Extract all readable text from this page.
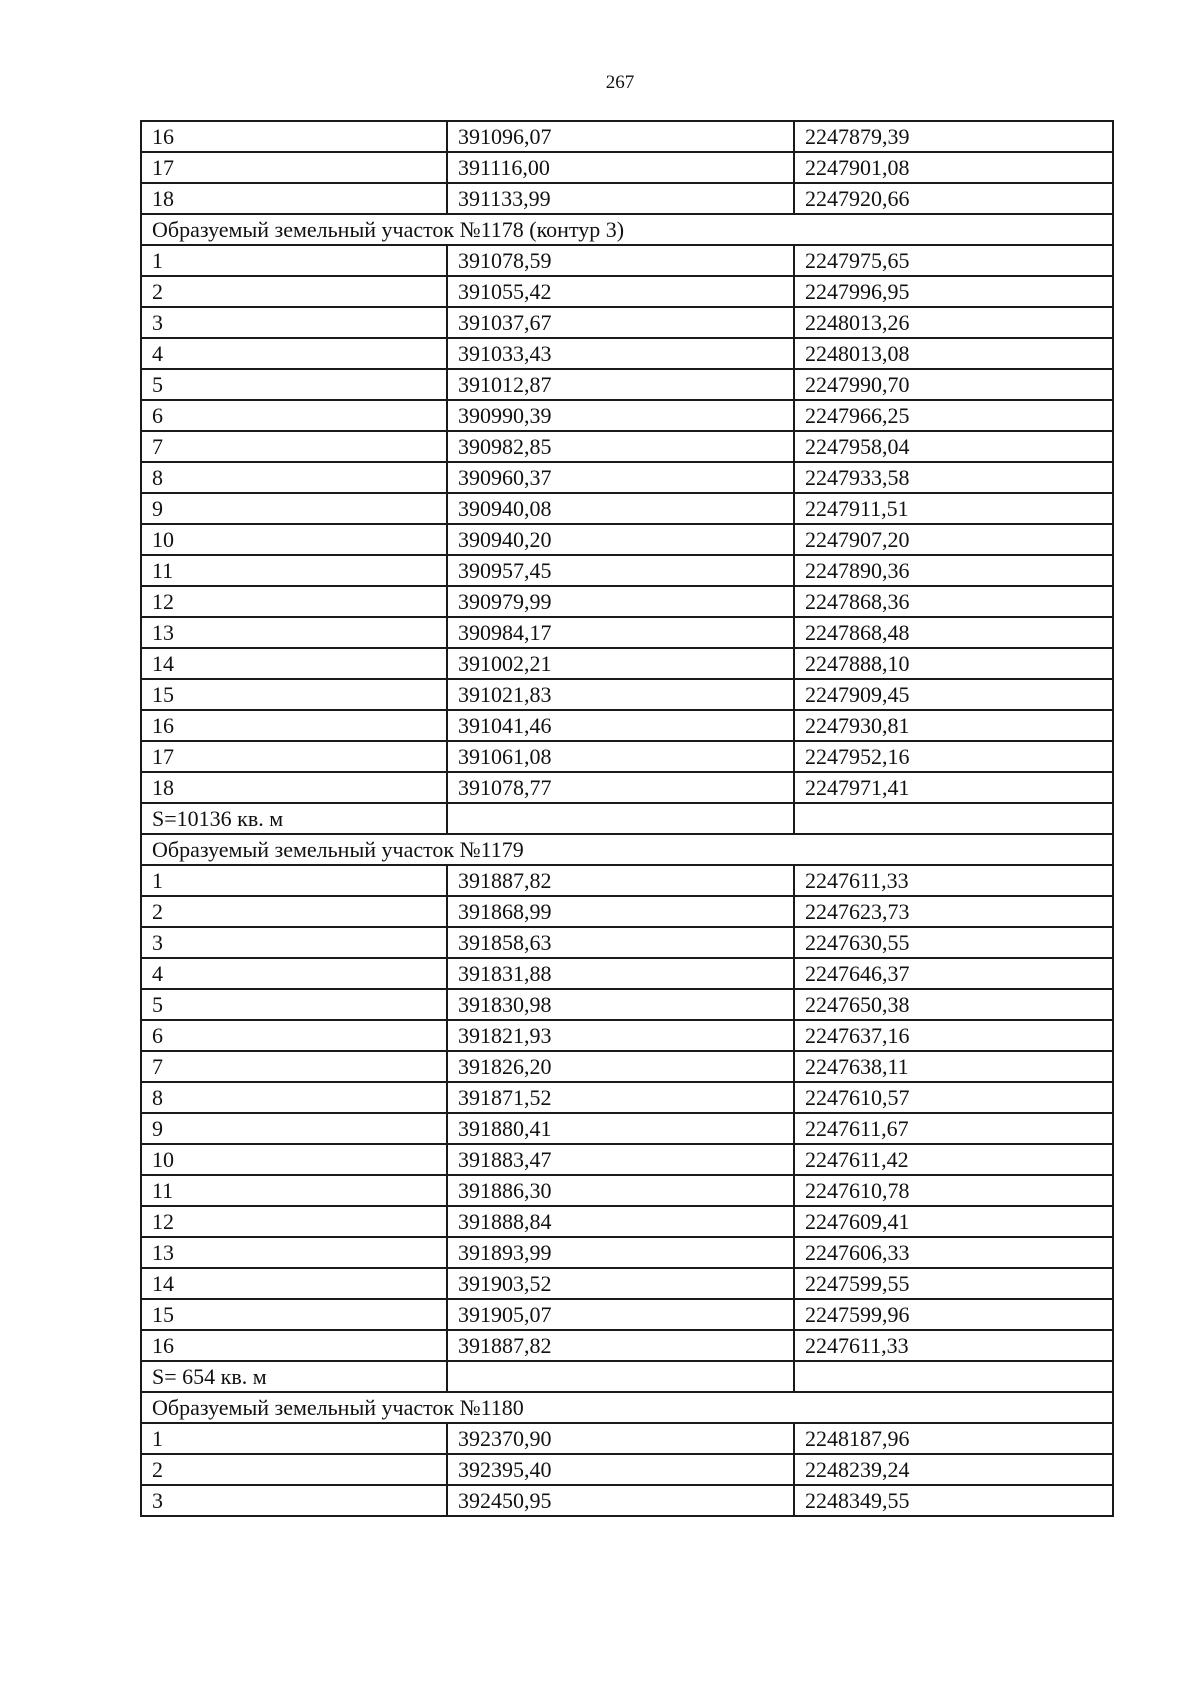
267
16	391096,07	2247879,39
17	391116,00	2247901,08
18	391133,99	2247920,66
Образуемый земельный участок №1178 (контур 3)		
1	391078,59	2247975,65
2	391055,42	2247996,95
3	391037,67	2248013,26
4	391033,43	2248013,08
5	391012,87	2247990,70
6	390990,39	2247966,25
7	390982,85	2247958,04
8	390960,37	2247933,58
9	390940,08	2247911,51
10	390940,20	2247907,20
11	390957,45	2247890,36
12	390979,99	2247868,36
13	390984,17	2247868,48
14	391002,21	2247888,10
15	391021,83	2247909,45
16	391041,46	2247930,81
17	391061,08	2247952,16
18	391078,77	2247971,41
S=10136 кв. м		
Образуемый земельный участок №1179		
1	391887,82	2247611,33
2	391868,99	2247623,73
3	391858,63	2247630,55
4	391831,88	2247646,37
5	391830,98	2247650,38
6	391821,93	2247637,16
7	391826,20	2247638,11
8	391871,52	2247610,57
9	391880,41	2247611,67
10	391883,47	2247611,42
11	391886,30	2247610,78
12	391888,84	2247609,41
13	391893,99	2247606,33
14	391903,52	2247599,55
15	391905,07	2247599,96
16	391887,82	2247611,33
S= 654 кв. м		
Образуемый земельный участок №1180		
1	392370,90	2248187,96
2	392395,40	2248239,24
3	392450,95	2248349,55
